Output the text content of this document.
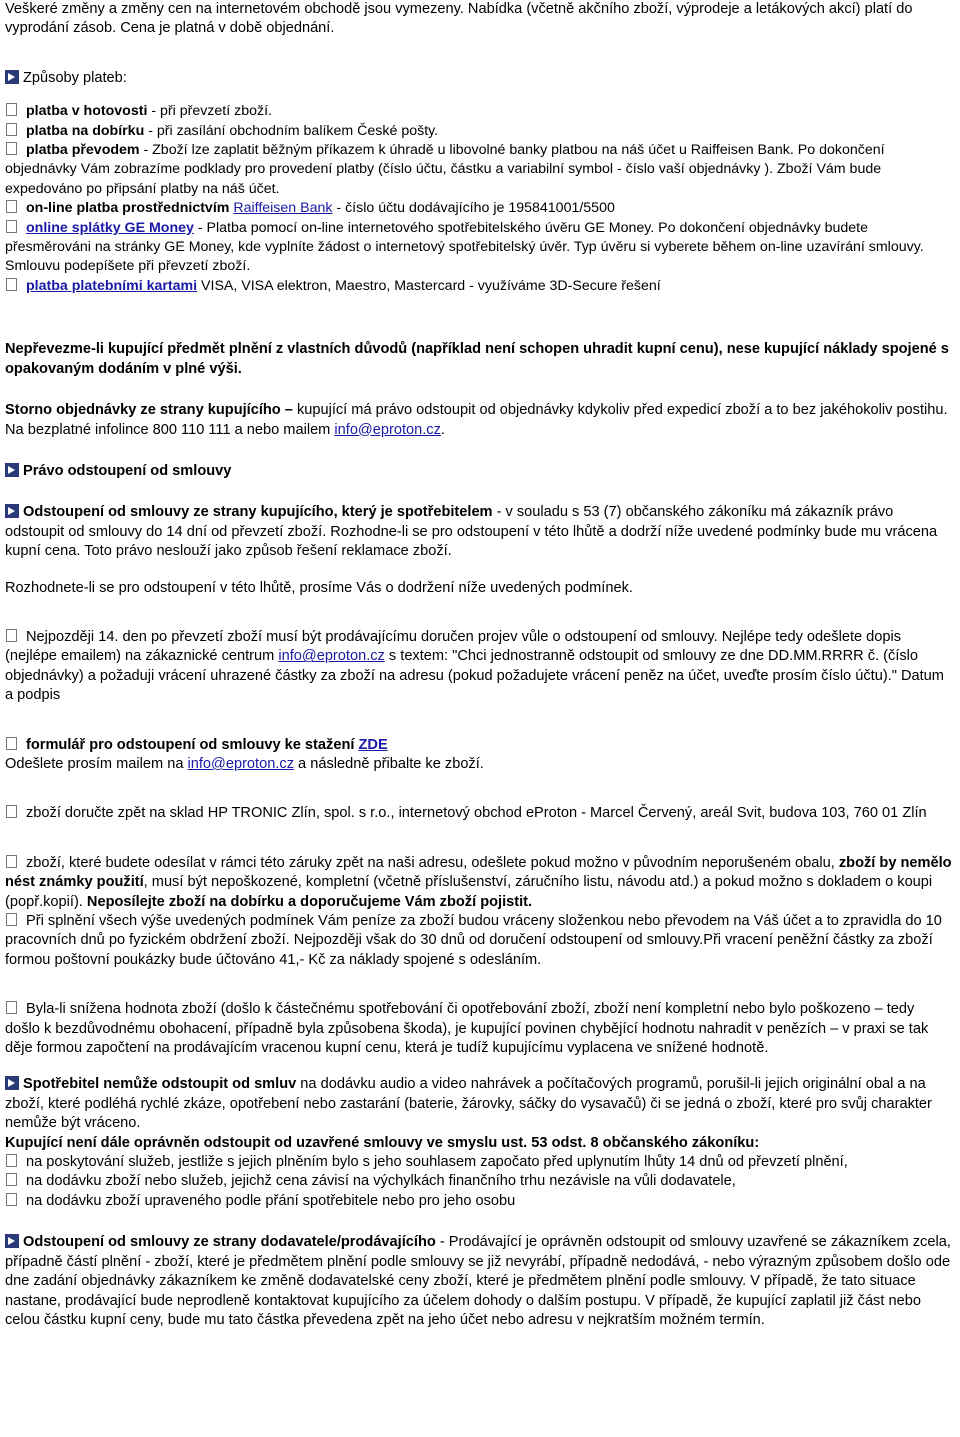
Veškeré změny a změny cen na internetovém obchodě jsou vymezeny. Nabídka (včetně akčního zboží, výprodeje a letákových akcí) platí do vyprodání zásob. Cena je platná v době objednání.

Způsoby plateb:

platba v hotovosti - při převzetí zboží.

platba na dobírku - při zasílání obchodním balíkem České pošty.

platba převodem - Zboží lze zaplatit běžným příkazem k úhradě u libovolné banky platbou na náš účet u Raiffeisen Bank. Po dokončení objednávky Vám zobrazíme podklady pro provedení platby (číslo účtu, částku a variabilní symbol - číslo vaší objednávky ). Zboží Vám bude expedováno po připsání platby na náš účet.

on-line platba prostřednictvím Raiffeisen Bank - číslo účtu dodávajícího je 195841001/5500

online splátky GE Money - Platba pomocí on-line internetového spotřebitelského úvěru GE Money. Po dokončení objednávky budete přesměrováni na stránky GE Money, kde vyplníte žádost o internetový spotřebitelský úvěr. Typ úvěru si vyberete během on-line uzavírání smlouvy. Smlouvu podepíšete při převzetí zboží.

platba platebními kartami VISA, VISA elektron, Maestro, Mastercard - využíváme 3D-Secure řešení

Nepřevezme-li kupující předmět plnění z vlastních důvodů (například není schopen uhradit kupní cenu), nese kupující náklady spojené s opakovaným dodáním v plné výši.

Storno objednávky ze strany kupujícího – kupující má právo odstoupit od objednávky kdykoliv před expedicí zboží a to bez jakéhokoliv postihu. Na bezplatné infolince 800 110 111 a nebo mailem info@eproton.cz.

Právo odstoupení od smlouvy

Odstoupení od smlouvy ze strany kupujícího, který je spotřebitelem - v souladu s 53 (7) občanského zákoníku má zákazník právo odstoupit od smlouvy do 14 dní od převzetí zboží. Rozhodne-li se pro odstoupení v této lhůtě a dodrží níže uvedené podmínky bude mu vrácena kupní cena. Toto právo neslouží jako způsob řešení reklamace zboží.

Rozhodnete-li se pro odstoupení v této lhůtě, prosíme Vás o dodržení níže uvedených podmínek.

Nejpozději 14. den po převzetí zboží musí být prodávajícímu doručen projev vůle o odstoupení od smlouvy. Nejlépe tedy odešlete dopis (nejlépe emailem) na zákaznické centrum info@eproton.cz s textem: "Chci jednostranně odstoupit od smlouvy ze dne DD.MM.RRRR č. (číslo objednávky) a požaduji vrácení uhrazené částky za zboží na adresu (pokud požadujete vrácení peněz na účet, uveďte prosím číslo účtu)." Datum a podpis

formulář pro odstoupení od smlouvy ke stažení ZDE

Odešlete prosím mailem na info@eproton.cz a následně přibalte ke zboží.

zboží doručte zpět na sklad HP TRONIC Zlín, spol. s r.o., internetový obchod eProton - Marcel Červený, areál Svit, budova 103, 760 01 Zlín

zboží, které budete odesílat v rámci této záruky zpět na naši adresu, odešlete pokud možno v původním neporušeném obalu, zboží by nemělo nést známky použití, musí být nepoškozené, kompletní (včetně příslušenství, záručního listu, návodu atd.) a pokud možno s dokladem o koupi (popř.kopií). Neposílejte zboží na dobírku a doporučujeme Vám zboží pojistit.

Při splnění všech výše uvedených podmínek Vám peníze za zboží budou vráceny složenkou nebo převodem na Váš účet a to zpravidla do 10 pracovních dnů po fyzickém obdržení zboží. Nejpozději však do 30 dnů od doručení odstoupení od smlouvy.Při vracení peněžní částky za zboží formou poštovní poukázky bude účtováno 41,- Kč za náklady spojené s odesláním.

Byla-li snížena hodnota zboží (došlo k částečnému spotřebování či opotřebování zboží, zboží není kompletní nebo bylo poškozeno – tedy došlo k bezdůvodnému obohacení, případně byla způsobena škoda), je kupující povinen chybějící hodnotu nahradit v penězích – v praxi se tak děje formou započtení na prodávajícím vracenou kupní cenu, která je tudíž kupujícímu vyplacena ve snížené hodnotě.

Spotřebitel nemůže odstoupit od smluv na dodávku audio a video nahrávek a počítačových programů, porušil-li jejich originální obal a na zboží, které podléhá rychlé zkáze, opotřebení nebo zastarání (baterie, žárovky, sáčky do vysavačů) či se jedná o zboží, které pro svůj charakter nemůže být vráceno.

Kupující není dále oprávněn odstoupit od uzavřené smlouvy ve smyslu ust. 53 odst. 8 občanského zákoníku:

na poskytování služeb, jestliže s jejich plněním bylo s jeho souhlasem započato před uplynutím lhůty 14 dnů od převzetí plnění,

na dodávku zboží nebo služeb, jejichž cena závisí na výchylkách finančního trhu nezávisle na vůli dodavatele,

na dodávku zboží upraveného podle přání spotřebitele nebo pro jeho osobu

Odstoupení od smlouvy ze strany dodavatele/prodávajícího - Prodávající je oprávněn odstoupit od smlouvy uzavřené se zákazníkem zcela, případně částí plnění - zboží, které je předmětem plnění podle smlouvy se již nevyrábí, případně nedodává, - nebo výrazným způsobem došlo ode dne zadání objednávky zákazníkem ke změně dodavatelské ceny zboží, které je předmětem plnění podle smlouvy. V případě, že tato situace nastane, prodávající bude neprodleně kontaktovat kupujícího za účelem dohody o dalším postupu. V případě, že kupující zaplatil již část nebo celou částku kupní ceny, bude mu tato částka převedena zpět na jeho účet nebo adresu v nejkratším možném termín.
